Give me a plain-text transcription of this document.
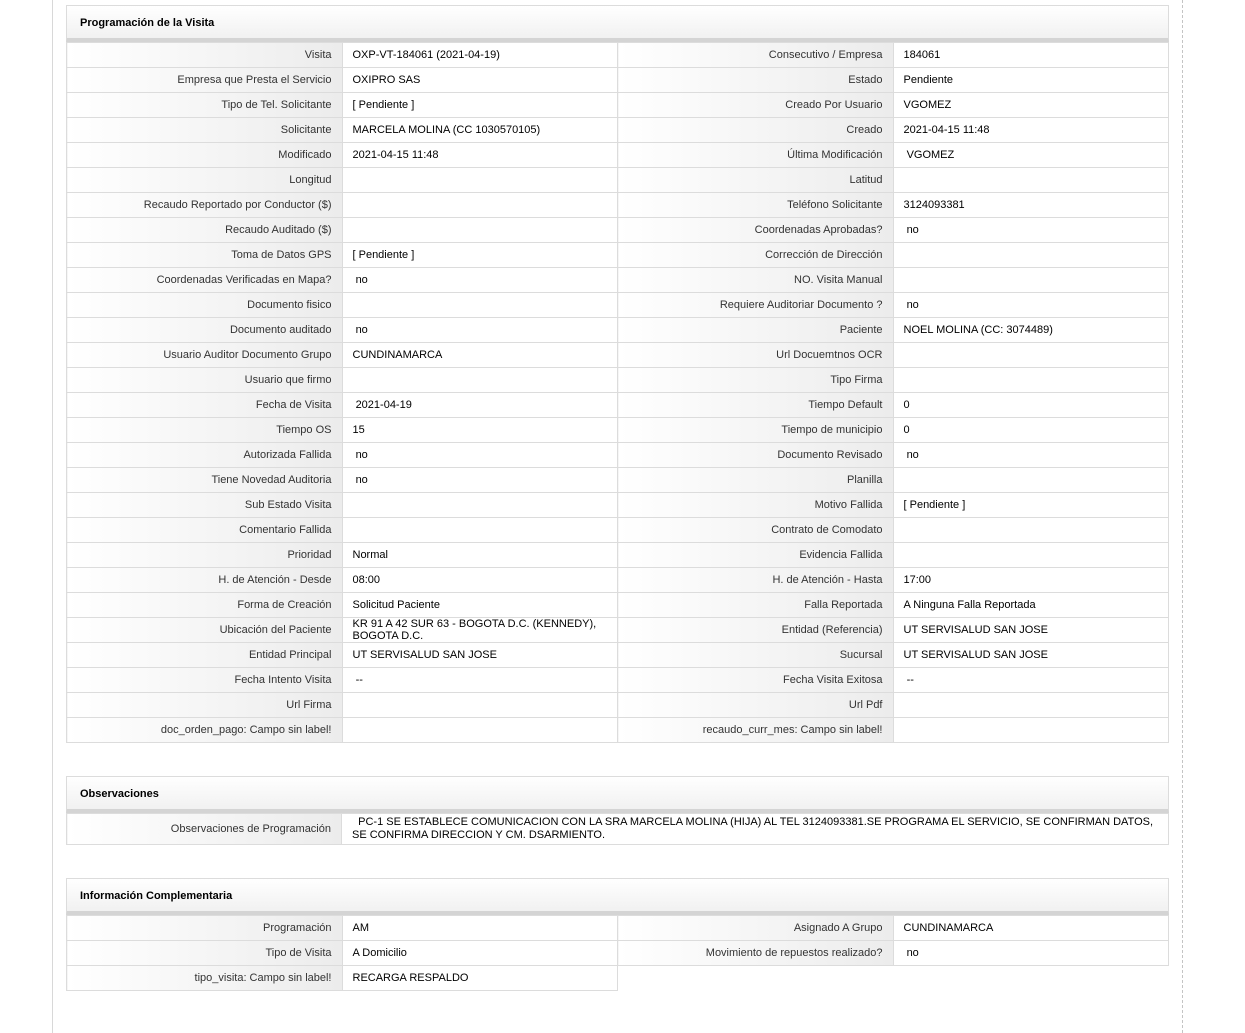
Programación de la Visita
Visita	OXP-VT-184061 (2021-04-19)	Consecutivo / Empresa	184061
Empresa que Presta el Servicio	OXIPRO SAS	Estado	Pendiente
Tipo de Tel. Solicitante	[ Pendiente ]	Creado Por Usuario	VGOMEZ
Solicitante	MARCELA MOLINA (CC 1030570105)	Creado	2021-04-15 11:48
Modificado	2021-04-15 11:48	Última Modificación	VGOMEZ
Longitud		Latitud	
Recaudo Reportado por Conductor ($)		Teléfono Solicitante	3124093381
Recaudo Auditado ($)		Coordenadas Aprobadas?	no
Toma de Datos GPS	[ Pendiente ]	Corrección de Dirección	
Coordenadas Verificadas en Mapa?	no	NO. Visita Manual	
Documento fisico		Requiere Auditoriar Documento ?	no
Documento auditado	no	Paciente	NOEL MOLINA (CC: 3074489)
Usuario Auditor Documento Grupo	CUNDINAMARCA	Url Docuemtnos OCR	
Usuario que firmo		Tipo Firma	
Fecha de Visita	2021-04-19	Tiempo Default	0
Tiempo OS	15	Tiempo de municipio	0
Autorizada Fallida	no	Documento Revisado	no
Tiene Novedad Auditoria	no	Planilla	
Sub Estado Visita		Motivo Fallida	[ Pendiente ]
Comentario Fallida		Contrato de Comodato	
Prioridad	Normal	Evidencia Fallida	
H. de Atención - Desde	08:00	H. de Atención - Hasta	17:00
Forma de Creación	Solicitud Paciente	Falla Reportada	A Ninguna Falla Reportada
Ubicación del Paciente	KR 91 A 42 SUR 63 - BOGOTA D.C. (KENNEDY), BOGOTA D.C.	Entidad (Referencia)	UT SERVISALUD SAN JOSE
Entidad Principal	UT SERVISALUD SAN JOSE	Sucursal	UT SERVISALUD SAN JOSE
Fecha Intento Visita	--	Fecha Visita Exitosa	--
Url Firma		Url Pdf	
doc_orden_pago: Campo sin label!		recaudo_curr_mes: Campo sin label!	
Observaciones
Observaciones de Programación	PC-1 SE ESTABLECE COMUNICACION CON LA SRA MARCELA MOLINA (HIJA) AL TEL 3124093381.SE PROGRAMA EL SERVICIO, SE CONFIRMAN DATOS, SE CONFIRMA DIRECCION Y CM. DSARMIENTO.
Información Complementaria
Programación	AM	Asignado A Grupo	CUNDINAMARCA
Tipo de Visita	A Domicilio	Movimiento de repuestos realizado?	no
tipo_visita: Campo sin label!	RECARGA RESPALDO		
